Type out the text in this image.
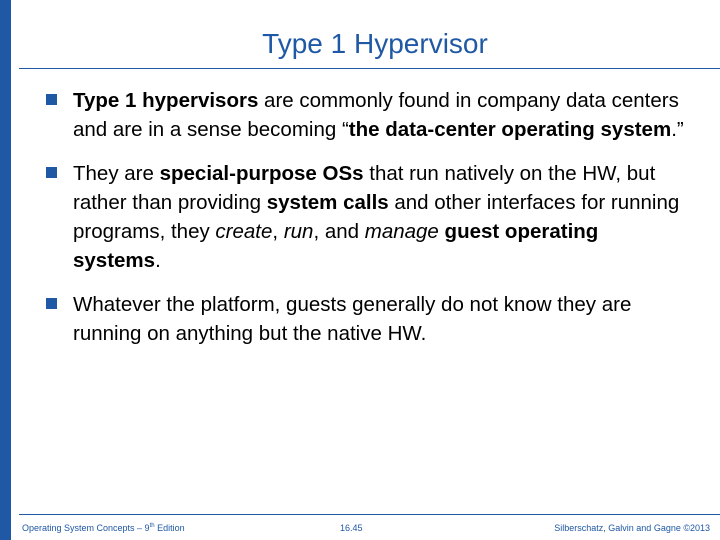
Type 1 Hypervisor
Type 1 hypervisors are commonly found in company data centers and are in a sense becoming “the data-center operating system.”
They are special-purpose OSs that run natively on the HW, but rather than providing system calls and other interfaces for running programs, they create, run, and manage guest operating systems.
Whatever the platform, guests generally do not know they are running on anything but the native HW.
Operating System Concepts – 9th Edition	16.45	Silberschatz, Galvin and Gagne ©2013
